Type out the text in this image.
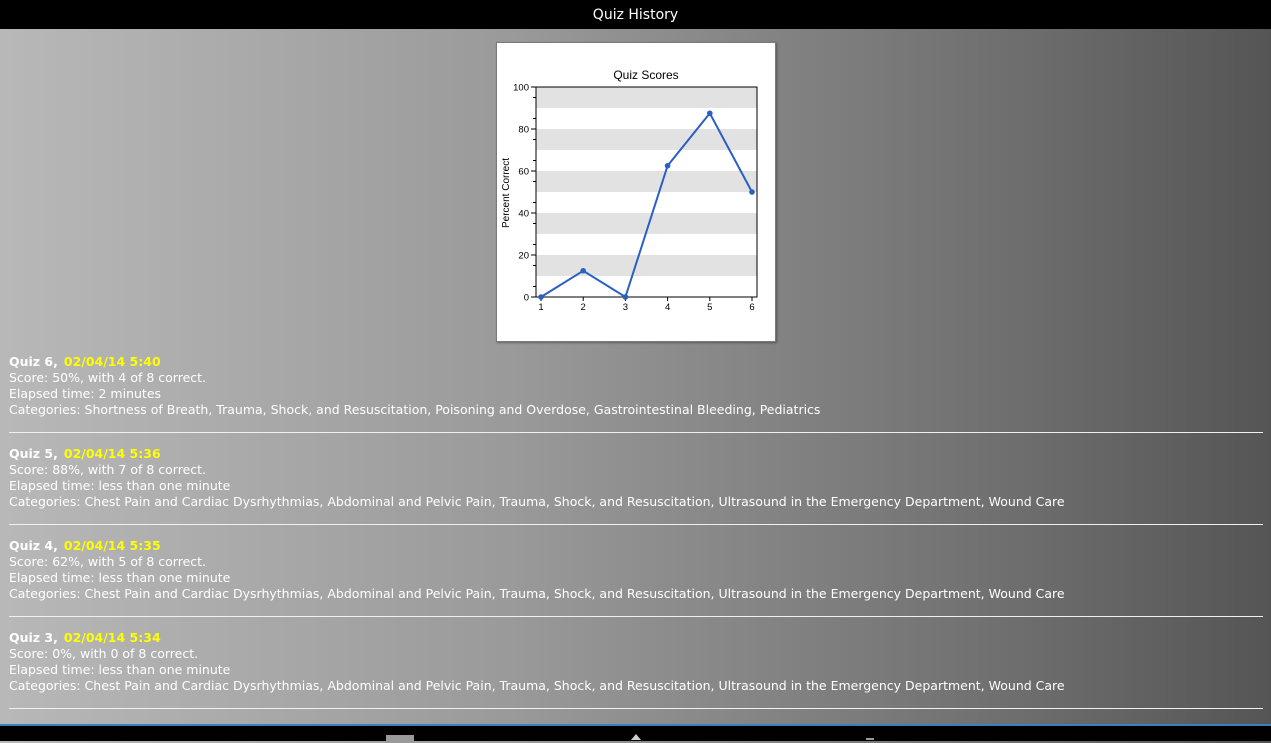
Quiz History
Quiz Scores
Percent Correct
0
20
40
60
80
100
1	2	3	4	5	6
Quiz 6, 02/04/14 5:40
Score: 50%, with 4 of 8 correct.
Elapsed time: 2 minutes
Categories: Shortness of Breath, Trauma, Shock, and Resuscitation, Poisoning and Overdose, Gastrointestinal Bleeding, Pediatrics
Quiz 5, 02/04/14 5:36
Score: 88%, with 7 of 8 correct.
Elapsed time: less than one minute
Categories: Chest Pain and Cardiac Dysrhythmias, Abdominal and Pelvic Pain, Trauma, Shock, and Resuscitation, Ultrasound in the Emergency Department, Wound Care
Quiz 4, 02/04/14 5:35
Score: 62%, with 5 of 8 correct.
Elapsed time: less than one minute
Categories: Chest Pain and Cardiac Dysrhythmias, Abdominal and Pelvic Pain, Trauma, Shock, and Resuscitation, Ultrasound in the Emergency Department, Wound Care
Quiz 3, 02/04/14 5:34
Score: 0%, with 0 of 8 correct.
Elapsed time: less than one minute
Categories: Chest Pain and Cardiac Dysrhythmias, Abdominal and Pelvic Pain, Trauma, Shock, and Resuscitation, Ultrasound in the Emergency Department, Wound Care
